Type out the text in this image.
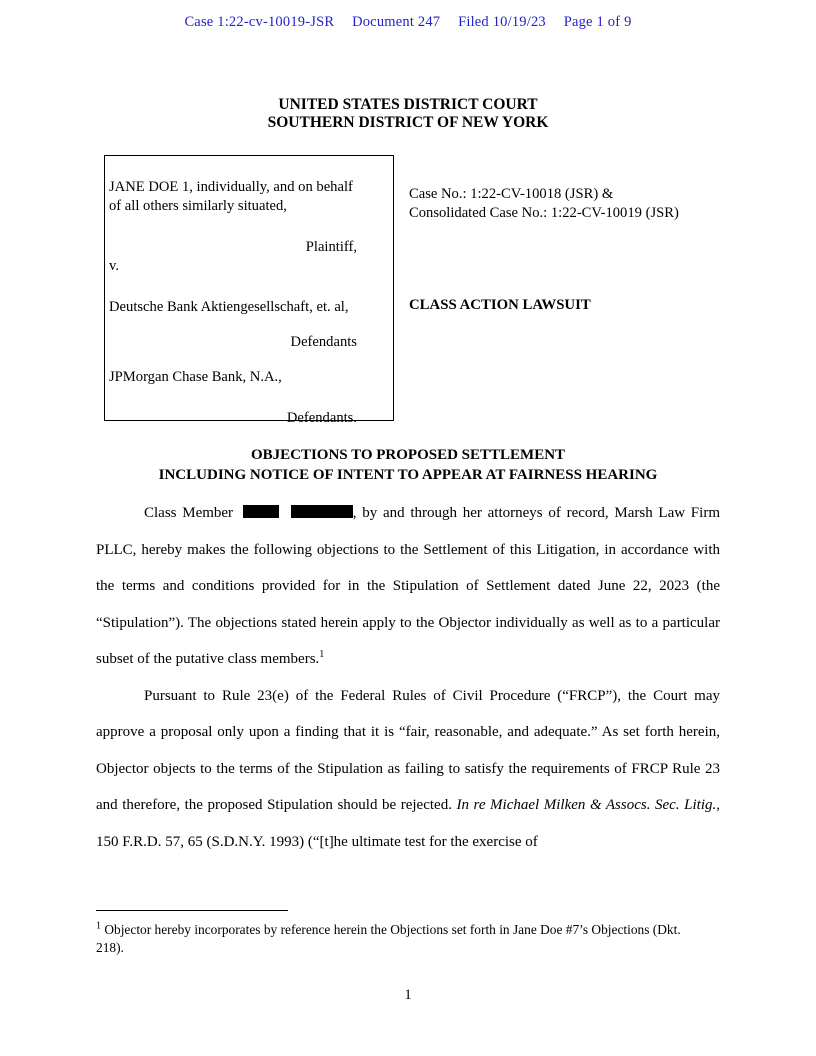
Case 1:22-cv-10019-JSR Document 247 Filed 10/19/23 Page 1 of 9
UNITED STATES DISTRICT COURT
SOUTHERN DISTRICT OF NEW YORK
JANE DOE 1, individually, and on behalf
of all others similarly situated,
Plaintiff,
v.
Deutsche Bank Aktiengesellschaft, et. al,
Defendants
JPMorgan Chase Bank, N.A.,
Defendants.
Case No.: 1:22-CV-10018 (JSR) &
Consolidated Case No.: 1:22-CV-10019 (JSR)
CLASS ACTION LAWSUIT
OBJECTIONS TO PROPOSED SETTLEMENT
INCLUDING NOTICE OF INTENT TO APPEAR AT FAIRNESS HEARING

Class Member	, by and through her attorneys of record, Marsh Law Firm PLLC, hereby makes the following objections to the Settlement of this Litigation, in accordance with the terms and conditions provided for in the Stipulation of Settlement dated June 22, 2023 (the “Stipulation”). The objections stated herein apply to the Objector individually as well as to a particular subset of the putative class members.$^1$

Pursuant to Rule 23(e) of the Federal Rules of Civil Procedure (“FRCP”), the Court may approve a proposal only upon a finding that it is “fair, reasonable, and adequate.” As set forth herein, Objector objects to the terms of the Stipulation as failing to satisfy the requirements of FRCP Rule 23 and therefore, the proposed Stipulation should be rejected. In re Michael Milken & Assocs. Sec. Litig., 150 F.R.D. 57, 65 (S.D.N.Y. 1993) (“[t]he ultimate test for the exercise of

$^1$ Objector hereby incorporates by reference herein the Objections set forth in Jane Doe #7’s Objections (Dkt. 218).
1
